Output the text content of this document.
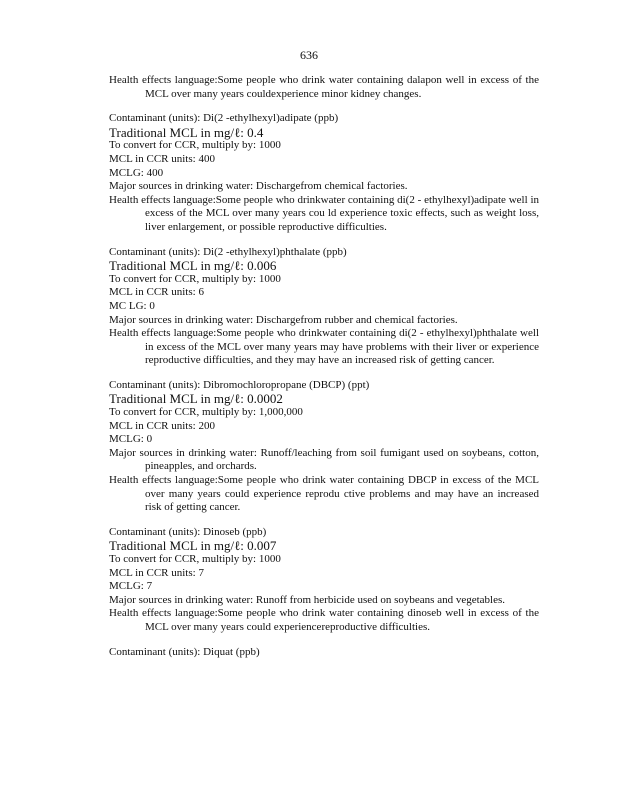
636
Health effects language:Some people who drink water containing dalapon well in excess of the MCL over many years couldexperience minor kidney changes.
Contaminant (units): Di(2 -ethylhexyl)adipate (ppb)
Traditional MCL in mg/ℓ: 0.4
To convert for CCR, multiply by: 1000
MCL in CCR units: 400
MCLG: 400
Major sources in drinking water: Dischargefrom chemical factories.
Health effects language:Some people who drinkwater containing di(2 - ethylhexyl)adipate well in excess of the MCL over many years cou ld experience toxic effects, such as weight loss, liver enlargement, or possible reproductive difficulties.
Contaminant (units): Di(2 -ethylhexyl)phthalate (ppb)
Traditional MCL in mg/ℓ: 0.006
To convert for CCR, multiply by: 1000
MCL in CCR units: 6
MC LG: 0
Major sources in drinking water: Dischargefrom rubber and chemical factories.
Health effects language:Some people who drinkwater containing di(2 - ethylhexyl)phthalate well in excess of the MCL over many years may have problems with their liver or experience reproductive difficulties, and they may have an increased risk of getting cancer.
Contaminant (units): Dibromochloropropane (DBCP) (ppt)
Traditional MCL in mg/ℓ: 0.0002
To convert for CCR, multiply by: 1,000,000
MCL in CCR units: 200
MCLG: 0
Major sources in drinking water: Runoff/leaching from soil fumigant used on soybeans, cotton, pineapples, and orchards.
Health effects language:Some people who drink water containing DBCP in excess of the MCL over many years could experience reprodu ctive problems and may have an increased risk of getting cancer.
Contaminant (units): Dinoseb (ppb)
Traditional MCL in mg/ℓ: 0.007
To convert for CCR, multiply by: 1000
MCL in CCR units: 7
MCLG: 7
Major sources in drinking water: Runoff from herbicide used on soybeans and vegetables.
Health effects language:Some people who drink water containing dinoseb well in excess of the MCL over many years could experiencereproductive difficulties.
Contaminant (units): Diquat (ppb)
